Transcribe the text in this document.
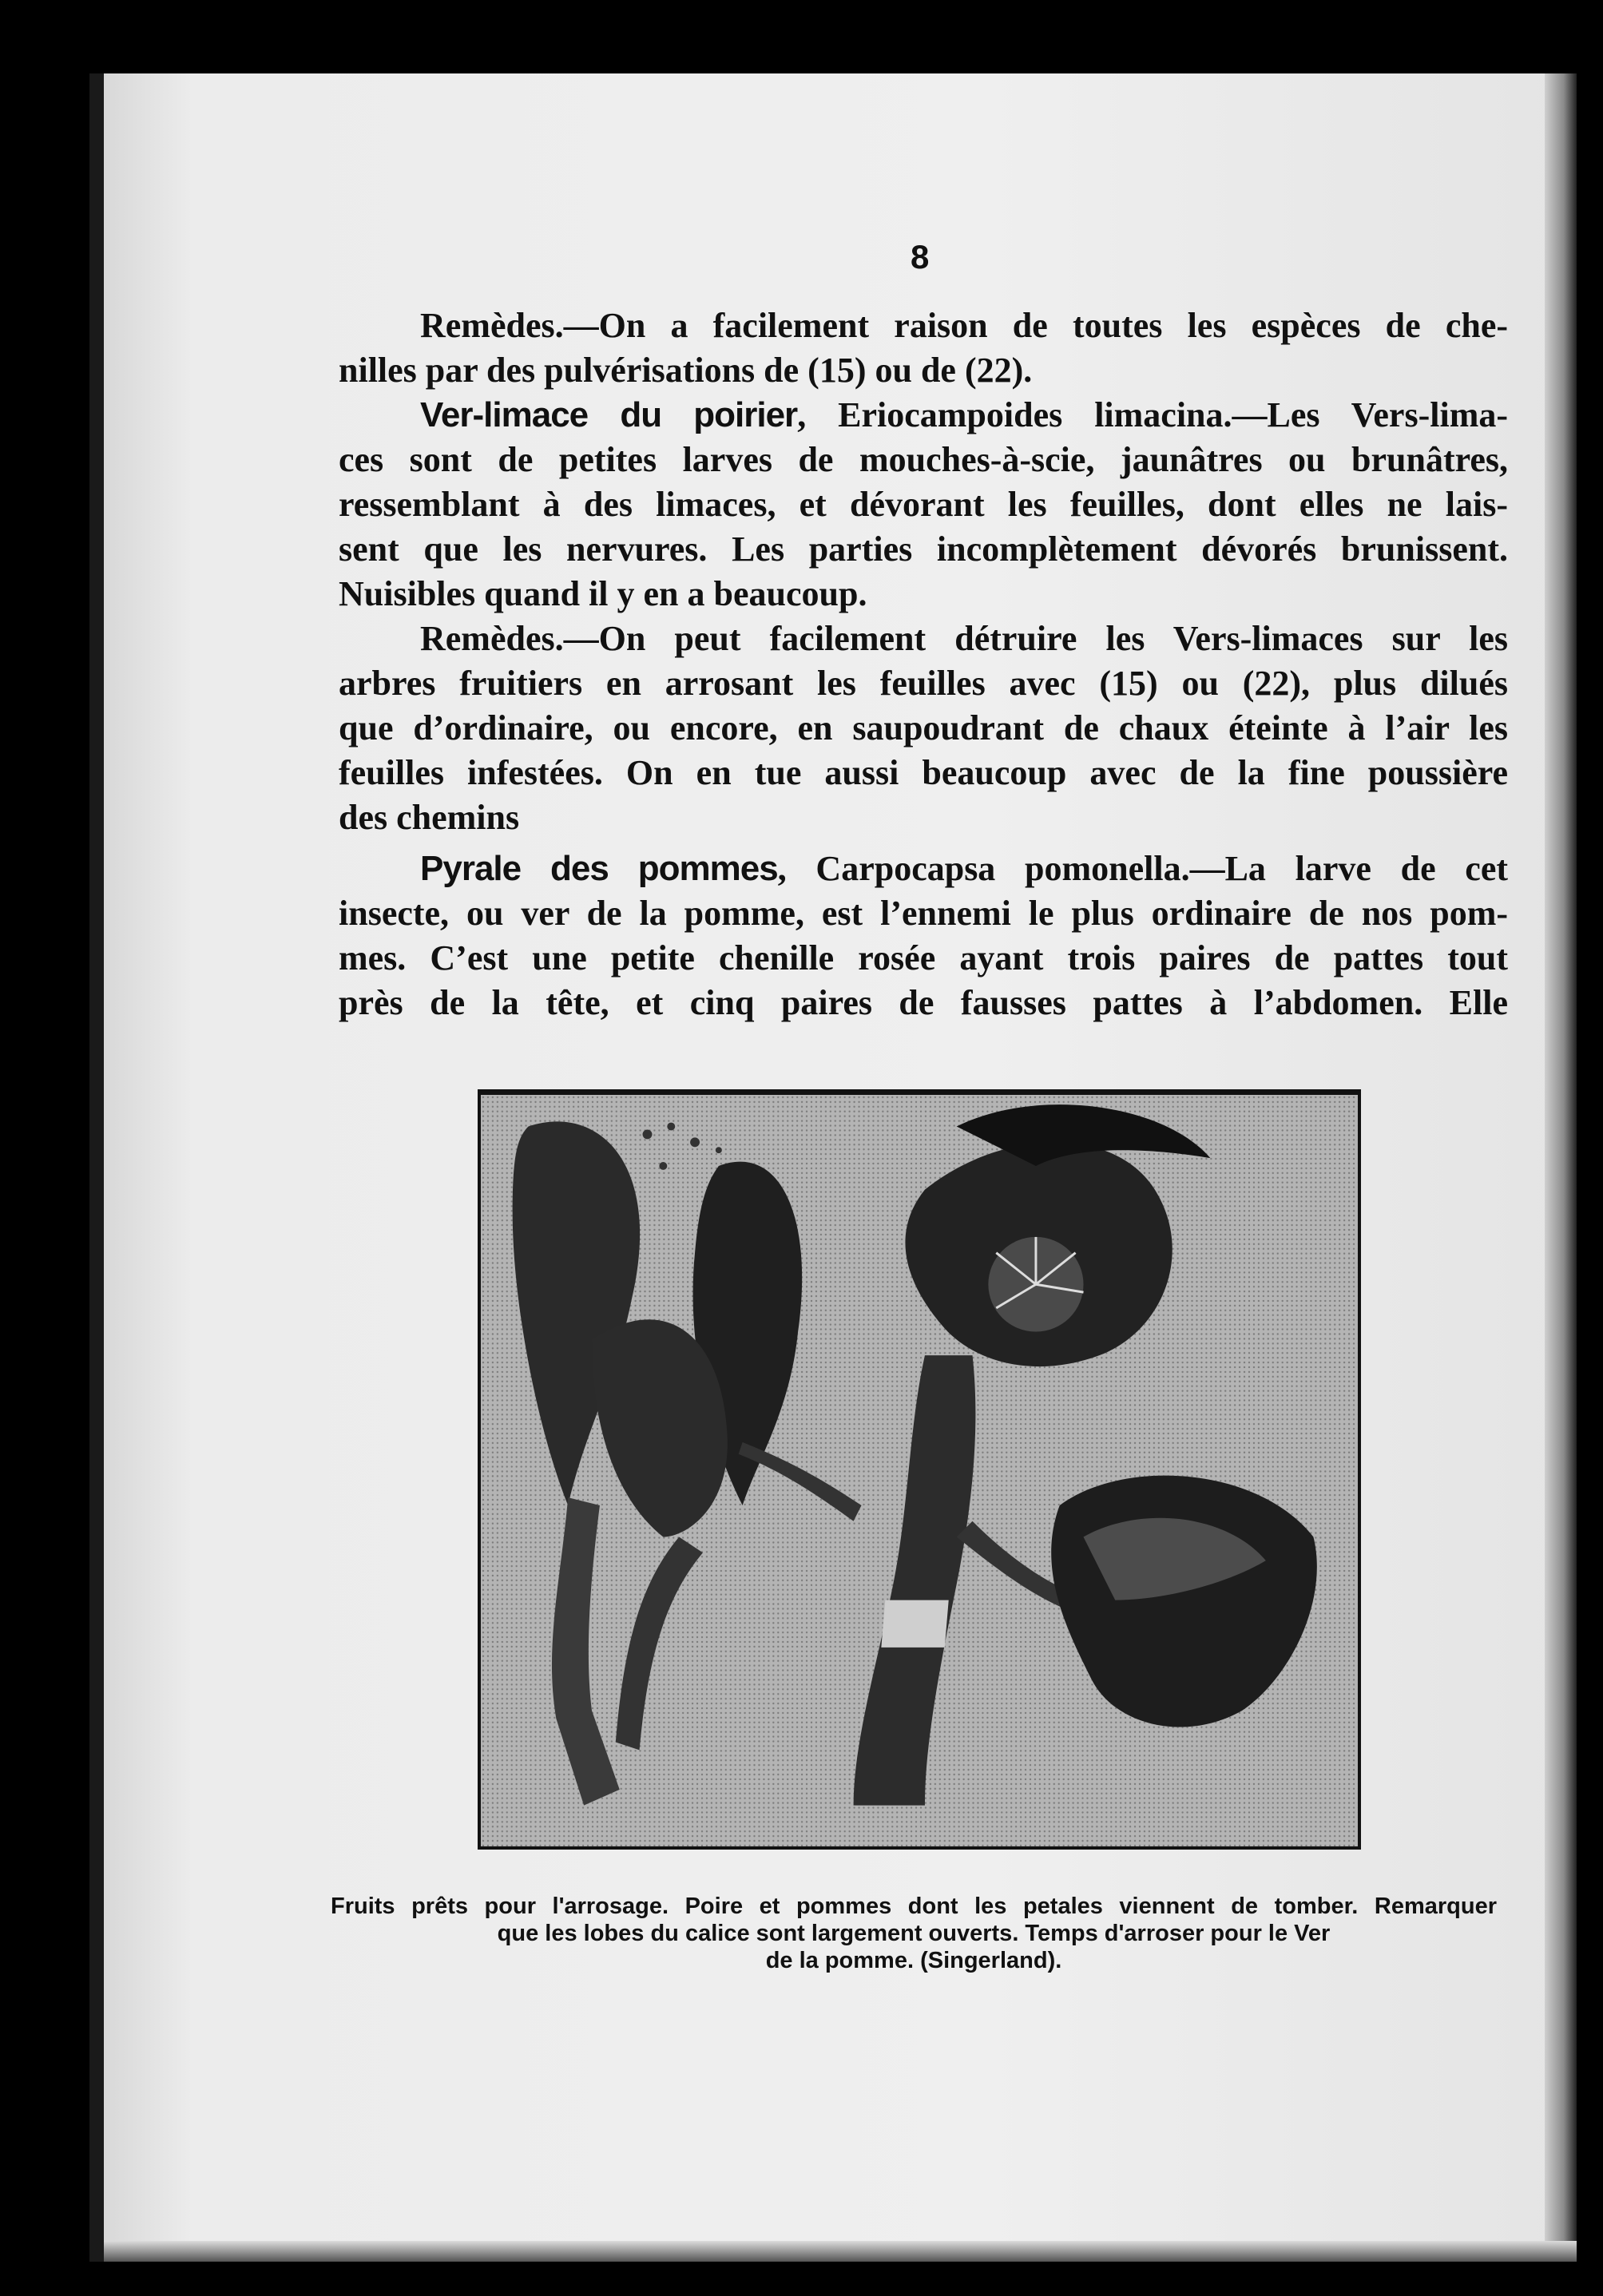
8
Remèdes.—On a facilement raison de toutes les espèces de che-
nilles par des pulvérisations de (15) ou de (22).
Ver-limace du poirier, Eriocampoides limacina.—Les Vers-lima-
ces sont de petites larves de mouches-à-scie, jaunâtres ou brunâtres,
ressemblant à des limaces, et dévorant les feuilles, dont elles ne lais-
sent que les nervures. Les parties incomplètement dévorés brunissent.
Nuisibles quand il y en a beaucoup.
Remèdes.—On peut facilement détruire les Vers-limaces sur les
arbres fruitiers en arrosant les feuilles avec (15) ou (22), plus dilués
que d’ordinaire, ou encore, en saupoudrant de chaux éteinte à l’air les
feuilles infestées. On en tue aussi beaucoup avec de la fine poussière
des chemins
Pyrale des pommes, Carpocapsa pomonella.—La larve de cet
insecte, ou ver de la pomme, est l’ennemi le plus ordinaire de nos pom-
mes. C’est une petite chenille rosée ayant trois paires de pattes tout
près de la tête, et cinq paires de fausses pattes à l’abdomen. Elle
Fruits prêts pour l'arrosage. Poire et pommes dont les petales viennent de tomber. Remarquer
que les lobes du calice sont largement ouverts. Temps d'arroser pour le Ver
de la pomme. (Singerland).
